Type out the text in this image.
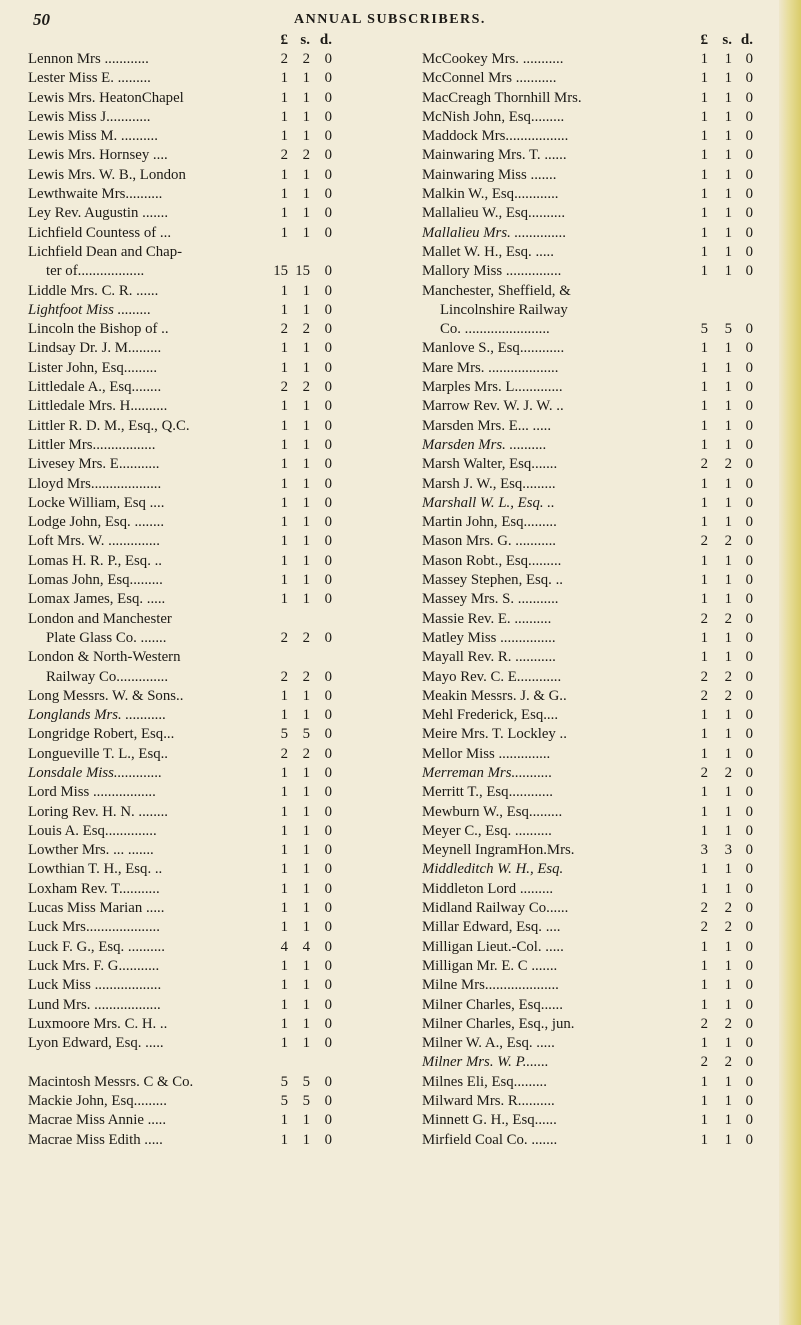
50	ANNUAL SUBSCRIBERS.
£ s. d.
Lennon Mrs ............	2 2 0
Lester Miss E. .........	1 1 0
Lewis Mrs. HeatonChapel	1 1 0
Lewis Miss J............	1 1 0
Lewis Miss M. ..........	1 1 0
Lewis Mrs. Hornsey ....	2 2 0
Lewis Mrs. W. B., London	1 1 0
Lewthwaite Mrs..........	1 1 0
Ley Rev. Augustin .......	1 1 0
Lichfield Countess of ...	1 1 0
Lichfield Dean and Chap-
ter of..................	15 15 0
Liddle Mrs. C. R. ......	1 1 0
Lightfoot Miss .........	1 1 0
Lincoln the Bishop of ..	2 2 0
Lindsay Dr. J. M.........	1 1 0
Lister John, Esq.........	1 1 0
Littledale A., Esq........	2 2 0
Littledale Mrs. H..........	1 1 0
Littler R. D. M., Esq., Q.C.	1 1 0
Littler Mrs.................	1 1 0
Livesey Mrs. E...........	1 1 0
Lloyd Mrs...................	1 1 0
Locke William, Esq ....	1 1 0
Lodge John, Esq. ........	1 1 0
Loft Mrs. W. ..............	1 1 0
Lomas H. R. P., Esq. ..	1 1 0
Lomas John, Esq.........	1 1 0
Lomax James, Esq. .....	1 1 0
London and Manchester
Plate Glass Co. .......	2 2 0
London & North-Western
Railway Co..............	2 2 0
Long Messrs. W. & Sons..	1 1 0
Longlands Mrs. ...........	1 1 0
Longridge Robert, Esq...	5 5 0
Longueville T. L., Esq..	2 2 0
Lonsdale Miss.............	1 1 0
Lord Miss .................	1 1 0
Loring Rev. H. N. ........	1 1 0
Louis A. Esq..............	1 1 0
Lowther Mrs. ... .......	1 1 0
Lowthian T. H., Esq. ..	1 1 0
Loxham Rev. T...........	1 1 0
Lucas Miss Marian .....	1 1 0
Luck Mrs....................	1 1 0
Luck F. G., Esq. ..........	4 4 0
Luck Mrs. F. G...........	1 1 0
Luck Miss ..................	1 1 0
Lund Mrs. ..................	1 1 0
Luxmoore Mrs. C. H. ..	1 1 0
Lyon Edward, Esq. .....	1 1 0
Macintosh Messrs. C & Co.	5 5 0
Mackie John, Esq.........	5 5 0
Macrae Miss Annie .....	1 1 0
Macrae Miss Edith .....	1 1 0
£ s. d.
McCookey Mrs. ...........	1	1 0
McConnel Mrs ...........	1	1 0
MacCreagh Thornhill Mrs.	1	1 0
McNish John, Esq.........	1	1 0
Maddock Mrs.................	1	1 0
Mainwaring Mrs. T. ......	1	1 0
Mainwaring Miss .......	1	1 0
Malkin W., Esq............	1	1 0
Mallalieu W., Esq..........	1	1 0
Mallalieu Mrs. ..............	1	1 0
Mallet W. H., Esq. .....	1	1 0
Mallory Miss ...............	1	1 0
Manchester, Sheffield, &
Lincolnshire Railway
Co. .......................	5	5 0
Manlove S., Esq............	1	1 0
Mare Mrs. ...................	1	1 0
Marples Mrs. L.............	1	1 0
Marrow Rev. W. J. W. ..	1	1 0
Marsden Mrs. E... .....	1	1 0
Marsden Mrs. ..........	1	1 0
Marsh Walter, Esq.......	2	2 0
Marsh J. W., Esq.........	1	1 0
Marshall W. L., Esq. ..	1	1 0
Martin John, Esq.........	1	1 0
Mason Mrs. G. ...........	2	2 0
Mason Robt., Esq.........	1	1 0
Massey Stephen, Esq. ..	1	1 0
Massey Mrs. S. ...........	1	1 0
Massie Rev. E. ..........	2	2 0
Matley Miss ...............	1	1 0
Mayall Rev. R. ...........	1	1 0
Mayo Rev. C. E............	2	2 0
Meakin Messrs. J. & G..	2	2 0
Mehl Frederick, Esq....	1	1 0
Meire Mrs. T. Lockley ..	1	1 0
Mellor Miss ..............	1	1 0
Merreman Mrs...........	2	2 0
Merritt T., Esq............	1	1 0
Mewburn W., Esq.........	1	1 0
Meyer C., Esq. ..........	1	1 0
Meynell IngramHon.Mrs.	3	3 0
Middleditch W. H., Esq.	1	1 0
Middleton Lord .........	1	1 0
Midland Railway Co......	2	2 0
Millar Edward, Esq. ....	2	2 0
Milligan Lieut.-Col. .....	1	1 0
Milligan Mr. E. C .......	1	1 0
Milne Mrs....................	1	1 0
Milner Charles, Esq......	1	1 0
Milner Charles, Esq., jun.	2	2 0
Milner W. A., Esq. .....	1	1 0
Milner Mrs. W. P.......	2	2 0
Milnes Eli, Esq.........	1	1 0
Milward Mrs. R..........	1	1 0
Minnett G. H., Esq......	1	1 0
Mirfield Coal Co. .......	1	1 0
